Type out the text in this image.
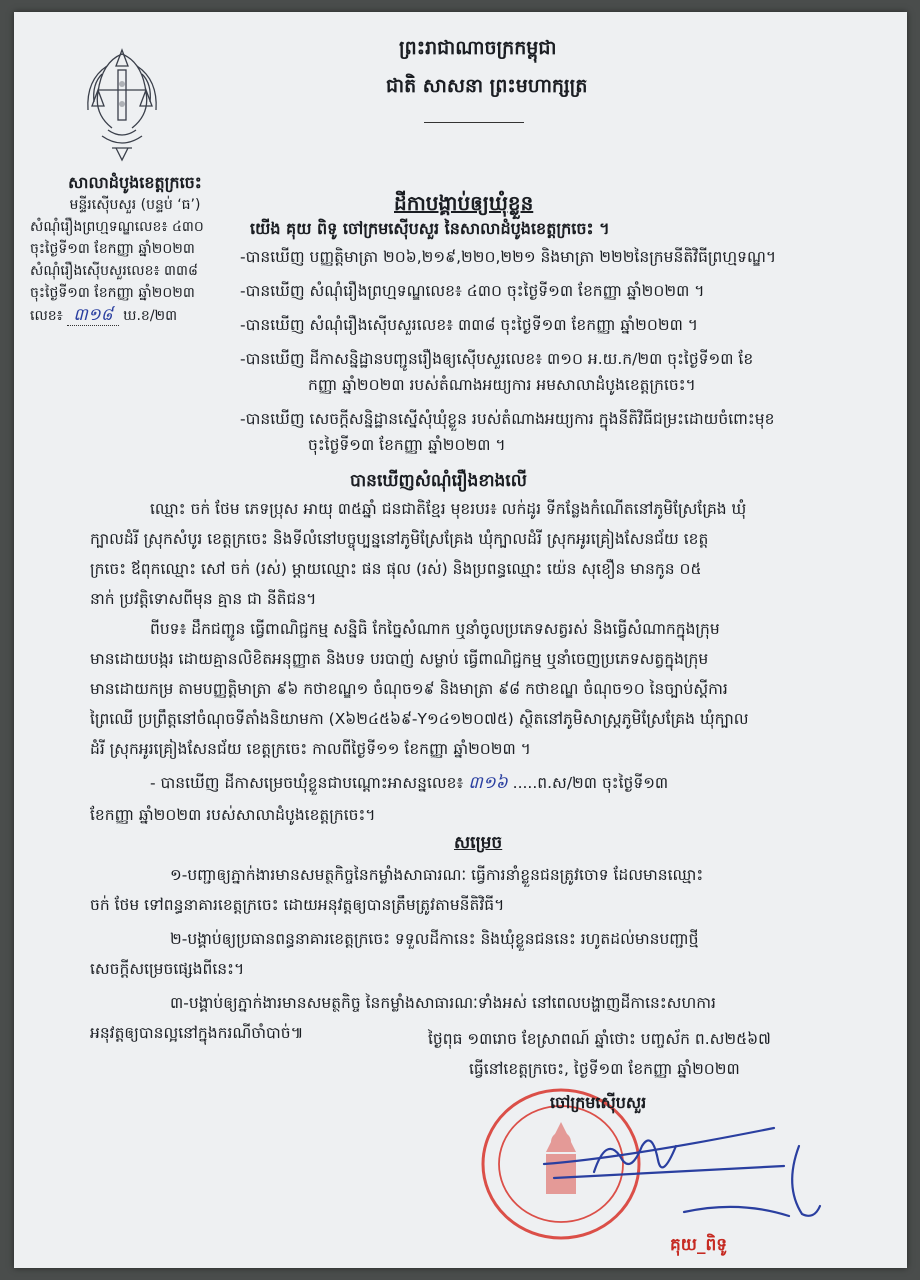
សាលាដំបូងខេត្តក្រចេះ
មន្ទីរស៊ើបសួរ (បន្ទប់ ‘ធ’)
សំណុំរឿងព្រហ្មទណ្ឌលេខ៖ ៤៣០
ចុះថ្ងៃទី១៣ ខែកញ្ញា ឆ្នាំ២០២៣
សំណុំរឿងស៊ើបសួរលេខ៖ ៣៣៨
ចុះថ្ងៃទី១៣ ខែកញ្ញា ឆ្នាំ២០២៣
លេខ៖ ៣១៨ ឃ.ខ/២៣
ព្រះរាជាណាចក្រកម្ពុជា
ជាតិ សាសនា ព្រះមហាក្សត្រ
ដីកាបង្គាប់ឲ្យឃុំខ្លួន
យើង គុយ ពិទូ ចៅក្រមស៊ើបសួរ នៃសាលាដំបូងខេត្តក្រចេះ ។
-បានឃើញ បញ្ញត្តិមាត្រា ២០៦,២១៩,២២០,២២១ និងមាត្រា ២២២នៃក្រមនីតិវិធីព្រហ្មទណ្ឌ។
-បានឃើញ សំណុំរឿងព្រហ្មទណ្ឌលេខ៖ ៤៣០ ចុះថ្ងៃទី១៣ ខែកញ្ញា ឆ្នាំ២០២៣ ។
-បានឃើញ សំណុំរឿងស៊ើបសួរលេខ៖ ៣៣៨ ចុះថ្ងៃទី១៣ ខែកញ្ញា ឆ្នាំ២០២៣ ។
-បានឃើញ ដីកាសន្និដ្ឋានបញ្ជូនរឿងឲ្យស៊ើបសួរលេខ៖ ៣១០ អ.យ.ក/២៣ ចុះថ្ងៃទី១៣ ខែ
កញ្ញា ឆ្នាំ២០២៣ របស់តំណាងអយ្យការ អមសាលាដំបូងខេត្តក្រចេះ។
-បានឃើញ សេចក្តីសន្និដ្ឋានស្នើសុំឃុំខ្លួន របស់តំណាងអយ្យការ ក្នុងនីតិវិធីជម្រះដោយចំពោះមុខ
ចុះថ្ងៃទី១៣ ខែកញ្ញា ឆ្នាំ២០២៣ ។
បានឃើញសំណុំរឿងខាងលើ
ឈ្មោះ ចក់ ថែម ភេទប្រុស អាយុ ៣៥ឆ្នាំ ជនជាតិខ្មែរ មុខរបរ៖ លក់ដូរ ទីកន្លែងកំណើតនៅភូមិស្រែគ្រែង ឃុំ
ក្បាលដំរី ស្រុកសំបូរ ខេត្តក្រចេះ និងទីលំនៅបច្ចុប្បន្ននៅភូមិស្រែគ្រែង ឃុំក្បាលដំរី ស្រុកអូរគ្រៀងសែនជ័យ ខេត្ត
ក្រចេះ ឪពុកឈ្មោះ សៅ ចក់ (រស់) ម្តាយឈ្មោះ ផន ផុល (រស់) និងប្រពន្ធឈ្មោះ យ៉េន សុខឿន មានកូន ០៥
នាក់ ប្រវត្តិទោសពីមុន គ្មាន ជា នីតិជន។
ពីបទ៖ ដឹកជញ្ជូន ធ្វើពាណិជ្ជកម្ម សន្និធិ កែច្នៃសំណាក ឬនាំចូលប្រភេទសត្វរស់ និងធ្វើសំណាកក្នុងក្រុម
មានដោយបង្ករ ដោយគ្មានលិខិតអនុញ្ញាត និងបទ បរបាញ់ សម្លាប់ ធ្វើពាណិជ្ជកម្ម ឬនាំចេញប្រភេទសត្វក្នុងក្រុម
មានដោយកម្រ តាមបញ្ញត្តិមាត្រា ៩៦ កថាខណ្ឌ១ ចំណុច១៩ និងមាត្រា ៩៨ កថាខណ្ឌ ចំណុច១០ នៃច្បាប់ស្តីការ
ព្រៃឈើ ប្រព្រឹត្តនៅចំណុចទីតាំងនិយាមកា (X៦២៤៥៦៩-Y១៤១២០៧៥) ស្ថិតនៅភូមិសាស្ត្រភូមិស្រែគ្រែង ឃុំក្បាល
ដំរី ស្រុកអូរគ្រៀងសែនជ័យ ខេត្តក្រចេះ កាលពីថ្ងៃទី១១ ខែកញ្ញា ឆ្នាំ២០២៣ ។
- បានឃើញ ដីកាសម្រេចឃុំខ្លួនជាបណ្តោះអាសន្នលេខ៖ ៣១៦ .....ព.ស/២៣ ចុះថ្ងៃទី១៣
ខែកញ្ញា ឆ្នាំ២០២៣ របស់សាលាដំបូងខេត្តក្រចេះ។
សម្រេច
១-បញ្ជាឲ្យភ្នាក់ងារមានសមត្ថកិច្ចនៃកម្លាំងសាធារណៈ ធ្វើការនាំខ្លួនជនត្រូវចោទ ដែលមានឈ្មោះ
ចក់ ថែម ទៅពន្ធនាគារខេត្តក្រចេះ ដោយអនុវត្តឲ្យបានត្រឹមត្រូវតាមនីតិវិធី។
២-បង្គាប់ឲ្យប្រធានពន្ធនាគារខេត្តក្រចេះ ទទួលដីកានេះ និងឃុំខ្លួនជននេះ រហូតដល់មានបញ្ជាថ្មី
សេចក្តីសម្រេចផ្សេងពីនេះ។
៣-បង្គាប់ឲ្យភ្នាក់ងារមានសមត្ថកិច្ច នៃកម្លាំងសាធារណៈទាំងអស់ នៅពេលបង្ហាញដីកានេះសហការ
អនុវត្តឲ្យបានល្អនៅក្នុងករណីចាំបាច់៕	ថ្ងៃពុធ ១៣រោច ខែស្រាពណ៍ ឆ្នាំថោះ បញ្ចស័ក ព.ស២៥៦៧
ធ្វើនៅខេត្តក្រចេះ, ថ្ងៃទី១៣ ខែកញ្ញា ឆ្នាំ២០២៣
ចៅក្រមស៊ើបសួរ
គុយ_ពិទូ
